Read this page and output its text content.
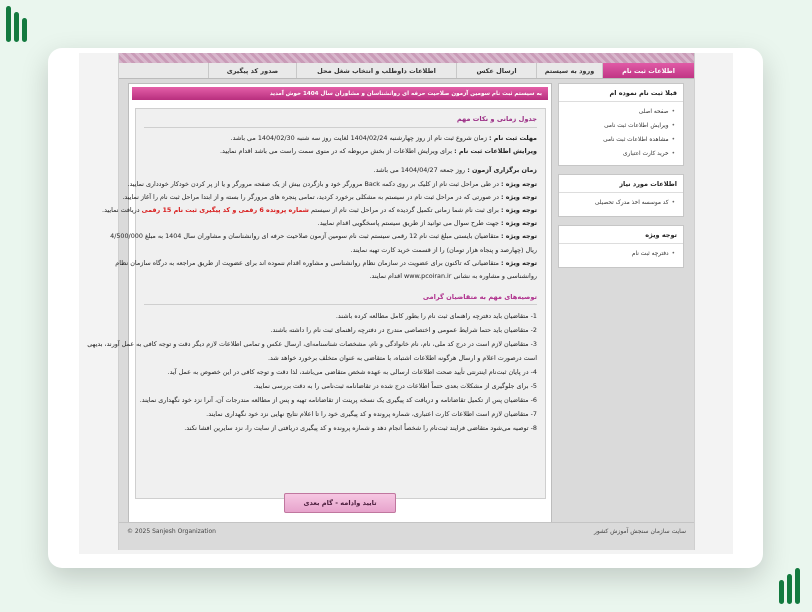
اطلاعات ثبت نام
ورود به سیستم
ارسال عکس
اطلاعات داوطلب و انتخاب شغل محل
صدور کد پیگیری
به سیستم ثبت نام سومین آزمون صلاحیت حرفه ای روانشناسان و مشاوران سال 1404 خوش آمدید
جدول زمانی و نکات مهم
مهلت ثبت نام : زمان شروع ثبت نام از روز چهارشنبه 1404/02/24 لغایت روز سه شنبه 1404/02/30 می باشد.
ویرایش اطلاعات ثبت نام : برای ویرایش اطلاعات از بخش مربوطه که در منوی سمت راست می باشد اقدام نمایید.
زمان برگزاری آزمون : روز جمعه 1404/04/27 می باشد.
توجه ویژه : در طی مراحل ثبت نام از کلیک بر روی دکمه Back مرورگر خود و بازگردن بیش از یک صفحه مرورگر و یا از پر کردن خودکار خودداری نمایید.
توجه ویژه : در صورتی که در مراحل ثبت نام در سیستم به مشکلی برخورد کردید، تمامی پنجره های مرورگر را بسته و از ابتدا مراحل ثبت نام را آغاز نمایید.
توجه ویژه : برای ثبت نام شما زمانی تکمیل گردیده که در مراحل ثبت نام از سیستم شماره پرونده 6 رقمی و کد پیگیری ثبت نام 15 رقمی دریافت نمایید.
توجه ویژه : جهت طرح سوال می توانید از طریق سیستم پاسخگویی اقدام نمایید.
توجه ویژه : متقاضیان بایستی مبلغ ثبت نام 12 رقمی سیستم ثبت نام سومین آزمون صلاحیت حرفه ای روانشناسان و مشاوران سال 1404 به مبلغ 4/500/000
ریال (چهارصد و پنجاه هزار تومان) را از قسمت خرید کارت تهیه نمایند.
توجه ویژه : متقاضیانی که تاکنون برای عضویت در سازمان نظام روانشناسی و مشاوره اقدام ننموده اند برای عضویت از طریق مراجعه به درگاه سازمان نظام
روانشناسی و مشاوره به نشانی www.pcoiran.ir اقدام نمایند.
توصیه‌های مهم به متقاضیان گرامی
1- متقاضیان باید دفترچه راهنمای ثبت نام را بطور کامل مطالعه کرده باشند.
2- متقاضیان باید حتما شرایط عمومی و اختصاصی مندرج در دفترچه راهنمای ثبت نام را داشته باشند.
3- متقاضیان لازم است در درج کد ملی، نام، نام خانوادگی و نام، مشخصات شناسنامه‌ای، ارسال عکس و تمامی اطلاعات لازم دیگر دقت و توجه کافی به عمل آورند، بدیهی
است درصورت اعلام و ارسال هرگونه اطلاعات اشتباه، با متقاضی به عنوان متخلف برخورد خواهد شد.
4- در پایان ثبت‌نام اینترنتی تأیید صحت اطلاعات ارسالی به عهده شخص متقاضی می‌باشد، لذا دقت و توجه کافی در این خصوص به عمل آید.
5- برای جلوگیری از مشکلات بعدی حتماً اطلاعات درج شده در تقاضانامه ثبت‌نامی را به دقت بررسی نمایید.
6- متقاضیان پس از تکمیل تقاضانامه و دریافت کد پیگیری یک نسخه پرینت از تقاضانامه تهیه و پس از مطالعه مندرجات آن، آنرا نزد خود نگهداری نمایند.
7- متقاضیان لازم است اطلاعات کارت اعتباری، شماره پرونده و کد پیگیری خود را تا اعلام نتایج نهایی نزد خود نگهداری نمایند.
8- توصیه می‌شود متقاضی فرایند ثبت‌نام را شخصاً انجام دهد و شماره پرونده و کد پیگیری دریافتی از سایت را، نزد سایرین افشا نکند.
تایید وادامه - گام بعدی
قبلا ثبت نام نموده ام
• صفحه اصلی
• ویرایش اطلاعات ثبت نامی
• مشاهده اطلاعات ثبت نامی
• خرید کارت اعتباری
اطلاعات مورد نیاز
• کد موسسه اخذ مدرک تحصیلی
توجه ویژه
• دفترچه ثبت نام
© 2025 Sanjesh Organization	سایت سازمان سنجش آموزش کشور
